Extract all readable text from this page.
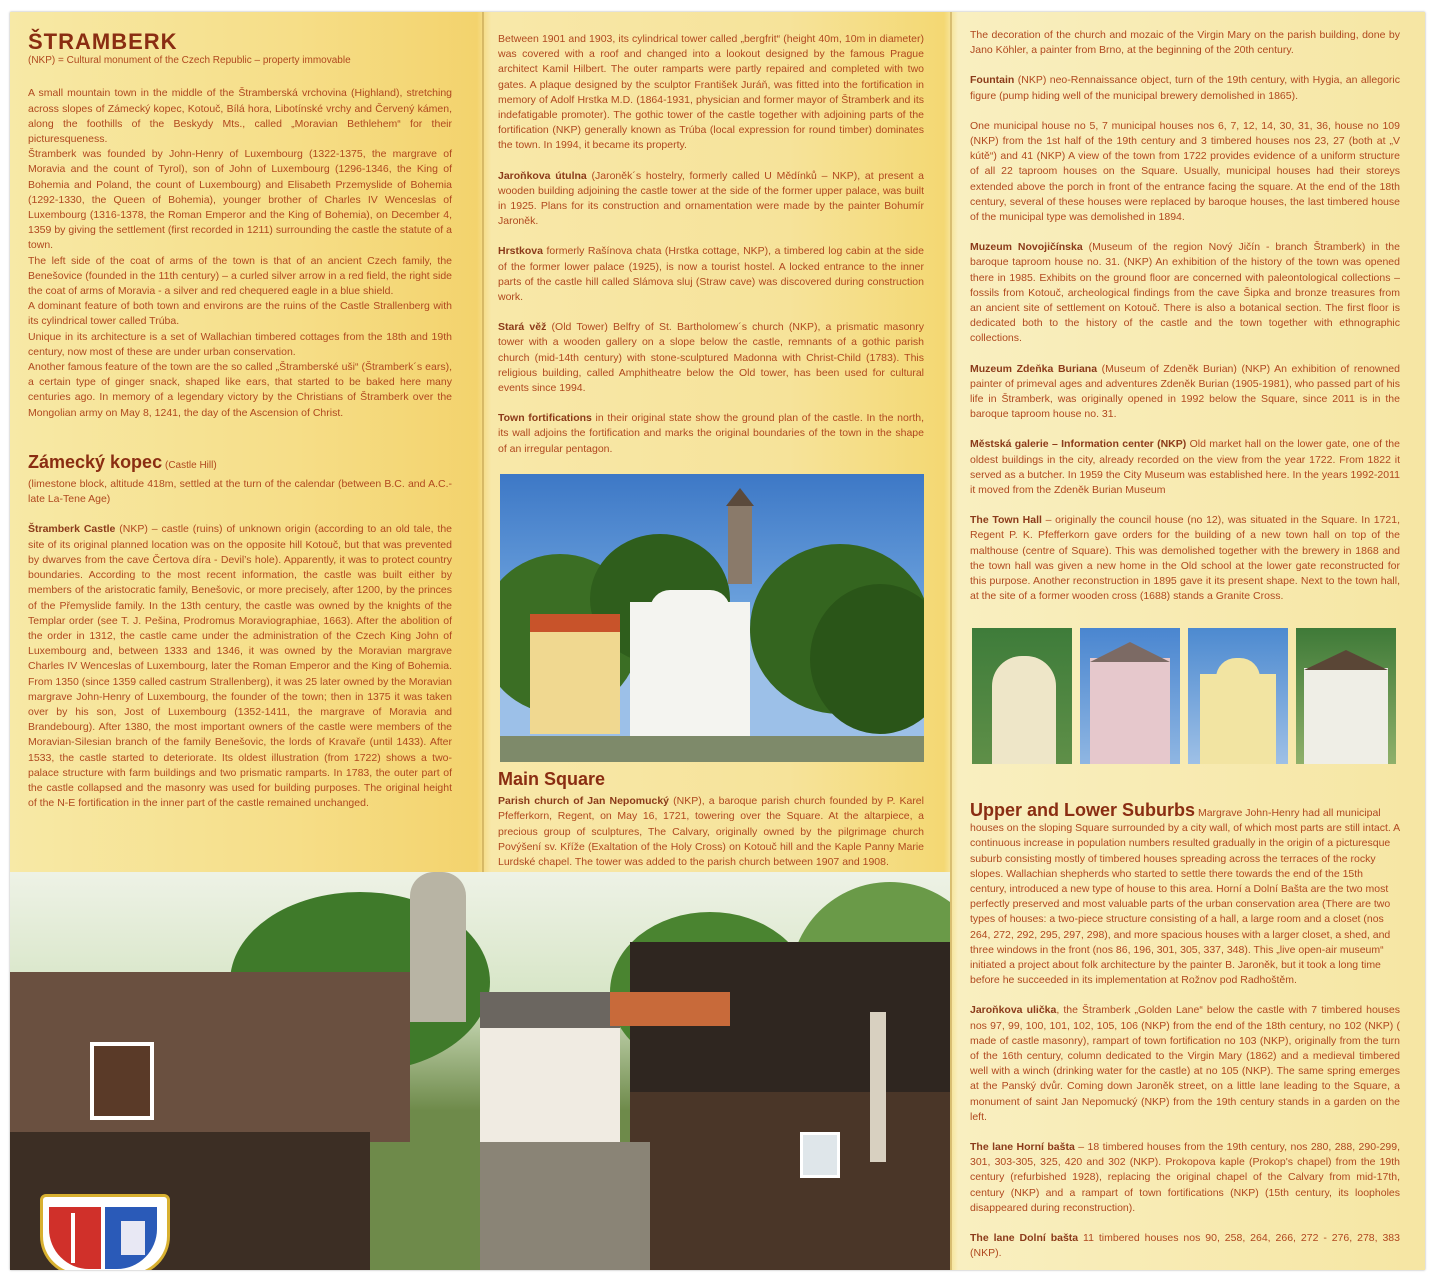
ŠTRAMBERK
(NKP) = Cultural monument of the Czech Republic – property immovable
A small mountain town in the middle of the Štramberská vrchovina (Highland), stretching across slopes of Zámecký kopec, Kotouč, Bílá hora, Libotínské vrchy and Červený kámen, along the foothills of the Beskydy Mts., called „Moravian Bethlehem“ for their picturesqueness.
Štramberk was founded by John-Henry of Luxembourg (1322-1375, the margrave of Moravia and the count of Tyrol), son of John of Luxembourg (1296-1346, the King of Bohemia and Poland, the count of Luxembourg) and Elisabeth Przemyslide of Bohemia (1292-1330, the Queen of Bohemia), younger brother of Charles IV Wenceslas of Luxembourg (1316-1378, the Roman Emperor and the King of Bohemia), on December 4, 1359 by giving the settlement (first recorded in 1211) surrounding the castle the statute of a town.
The left side of the coat of arms of the town is that of an ancient Czech family, the Benešovice (founded in the 11th century) – a curled silver arrow in a red field, the right side the coat of arms of Moravia - a silver and red chequered eagle in a blue shield.
A dominant feature of both town and environs are the ruins of the Castle Strallenberg with its cylindrical tower called Trúba.
Unique in its architecture is a set of Wallachian timbered cottages from the 18th and 19th century, now most of these are under urban conservation.
Another famous feature of the town are the so called „Štramberské uši“ (Štramberk´s ears), a certain type of ginger snack, shaped like ears, that started to be baked here many centuries ago. In memory of a legendary victory by the Christians of Štramberk over the Mongolian army on May 8, 1241, the day of the Ascension of Christ.
Zámecký kopec (Castle Hill)

(limestone block, altitude 418m, settled at the turn of the calendar (between B.C. and A.C.- late La-Tene Age)

Štramberk Castle (NKP) – castle (ruins) of unknown origin (according to an old tale, the site of its original planned location was on the opposite hill Kotouč, but that was prevented by dwarves from the cave Čertova díra - Devil’s hole). Apparently, it was to protect country boundaries. According to the most recent information, the castle was built either by members of the aristocratic family, Benešovic, or more precisely, after 1200, by the princes of the Přemyslide family. In the 13th century, the castle was owned by the knights of the Templar order (see T. J. Pešina, Prodromus Moraviographiae, 1663). After the abolition of the order in 1312, the castle came under the administration of the Czech King John of Luxembourg and, between 1333 and 1346, it was owned by the Moravian margrave Charles IV Wenceslas of Luxembourg, later the Roman Emperor and the King of Bohemia. From 1350 (since 1359 called castrum Strallenberg), it was 25 later owned by the Moravian margrave John-Henry of Luxembourg, the founder of the town; then in 1375 it was taken over by his son, Jost of Luxembourg (1352-1411, the margrave of Moravia and Brandebourg). After 1380, the most important owners of the castle were members of the Moravian-Silesian branch of the family Benešovic, the lords of Kravaře (until 1433). After 1533, the castle started to deteriorate. Its oldest illustration (from 1722) shows a two-palace structure with farm buildings and two prismatic ramparts. In 1783, the outer part of the castle collapsed and the masonry was used for building purposes. The original height of the N-E fortification in the inner part of the castle remained unchanged.

Between 1901 and 1903, its cylindrical tower called „bergfrit“ (height 40m, 10m in diameter) was covered with a roof and changed into a lookout designed by the famous Prague architect Kamil Hilbert. The outer ramparts were partly repaired and completed with two gates. A plaque designed by the sculptor František Juráň, was fitted into the fortification in memory of Adolf Hrstka M.D. (1864-1931, physician and former mayor of Štramberk and its indefatigable promoter). The gothic tower of the castle together with adjoining parts of the fortification (NKP) generally known as Trúba (local expression for round timber) dominates the town. In 1994, it became its property.

Jaroňkova útulna (Jaroněk´s hostelry, formerly called U Mědínků – NKP), at present a wooden building adjoining the castle tower at the side of the former upper palace, was built in 1925. Plans for its construction and ornamentation were made by the painter Bohumír Jaroněk.

Hrstkova formerly Rašínova chata (Hrstka cottage, NKP), a timbered log cabin at the side of the former lower palace (1925), is now a tourist hostel. A locked entrance to the inner parts of the castle hill called Slámova sluj (Straw cave) was discovered during construction work.

Stará věž (Old Tower) Belfry of St. Bartholomew´s church (NKP), a prismatic masonry tower with a wooden gallery on a slope below the castle, remnants of a gothic parish church (mid-14th century) with stone-sculptured Madonna with Christ-Child (1783). This religious building, called Amphitheatre below the Old tower, has been used for cultural events since 1994.

Town fortifications in their original state show the ground plan of the castle. In the north, its wall adjoins the fortification and marks the original boundaries of the town in the shape of an irregular pentagon.

Main Square

Parish church of Jan Nepomucký (NKP), a baroque parish church founded by P. Karel Pfefferkorn, Regent, on May 16, 1721, towering over the Square. At the altarpiece, a precious group of sculptures, The Calvary, originally owned by the pilgrimage church Povýšení sv. Kříže (Exaltation of the Holy Cross) on Kotouč hill and the Kaple Panny Marie Lurdské chapel. The tower was added to the parish church between 1907 and 1908.

The decoration of the church and mozaic of the Virgin Mary on the parish building, done by Jano Köhler, a painter from Brno, at the beginning of the 20th century.

Fountain (NKP) neo-Rennaissance object, turn of the 19th century, with Hygia, an allegoric figure (pump hiding well of the municipal brewery demolished in 1865).

One municipal house no 5, 7 municipal houses nos 6, 7, 12, 14, 30, 31, 36, house no 109 (NKP) from the 1st half of the 19th century and 3 timbered houses nos 23, 27 (both at „V kútě“) and 41 (NKP) A view of the town from 1722 provides evidence of a uniform structure of all 22 taproom houses on the Square. Usually, municipal houses had their storeys extended above the porch in front of the entrance facing the square. At the end of the 18th century, several of these houses were replaced by baroque houses, the last timbered house of the municipal type was demolished in 1894.

Muzeum Novojičínska (Museum of the region Nový Jičín - branch Štramberk) in the baroque taproom house no. 31. (NKP) An exhibition of the history of the town was opened there in 1985. Exhibits on the ground floor are concerned with paleontological collections – fossils from Kotouč, archeological findings from the cave Šipka and bronze treasures from an ancient site of settlement on Kotouč. There is also a botanical section. The first floor is dedicated both to the history of the castle and the town together with ethnographic collections.

Muzeum Zdeňka Buriana (Museum of Zdeněk Burian) (NKP) An exhibition of renowned painter of primeval ages and adventures Zdeněk Burian (1905-1981), who passed part of his life in Štramberk, was originally opened in 1992 below the Square, since 2011 is in the baroque taproom house no. 31.

Městská galerie – Information center (NKP) Old market hall on the lower gate, one of the oldest buildings in the city, already recorded on the view from the year 1722. From 1822 it served as a butcher. In 1959 the City Museum was established here. In the years 1992-2011 it moved from the Zdeněk Burian Museum

The Town Hall – originally the council house (no 12), was situated in the Square. In 1721, Regent P. K. Pfefferkorn gave orders for the building of a new town hall on top of the malthouse (centre of Square). This was demolished together with the brewery in 1868 and the town hall was given a new home in the Old school at the lower gate reconstructed for this purpose. Another reconstruction in 1895 gave it its present shape. Next to the town hall, at the site of a former wooden cross (1688) stands a Granite Cross.

Upper and Lower Suburbs Margrave John-Henry had all municipal houses on the sloping Square surrounded by a city wall, of which most parts are still intact. A continuous increase in population numbers resulted gradually in the origin of a picturesque suburb consisting mostly of timbered houses spreading across the terraces of the rocky slopes. Wallachian shepherds who started to settle there towards the end of the 15th century, introduced a new type of house to this area. Horní a Dolní Bašta are the two most perfectly preserved and most valuable parts of the urban conservation area (There are two types of houses: a two-piece structure consisting of a hall, a large room and a closet (nos 264, 272, 292, 295, 297, 298), and more spacious houses with a larger closet, a shed, and three windows in the front (nos 86, 196, 301, 305, 337, 348). This „live open-air museum“ initiated a project about folk architecture by the painter B. Jaroněk, but it took a long time before he succeeded in its implementation at Rožnov pod Radhoštěm.

Jaroňkova ulička, the Štramberk „Golden Lane“ below the castle with 7 timbered houses nos 97, 99, 100, 101, 102, 105, 106 (NKP) from the end of the 18th century, no 102 (NKP) ( made of castle masonry), rampart of town fortification no 103 (NKP), originally from the turn of the 16th century, column dedicated to the Virgin Mary (1862) and a medieval timbered well with a winch (drinking water for the castle) at no 105 (NKP). The same spring emerges at the Panský dvůr. Coming down Jaroněk street, on a little lane leading to the Square, a monument of saint Jan Nepomucký (NKP) from the 19th century stands in a garden on the left.

The lane Horní bašta – 18 timbered houses from the 19th century, nos 280, 288, 290-299, 301, 303-305, 325, 420 and 302 (NKP). Prokopova kaple (Prokop's chapel) from the 19th century (refurbished 1928), replacing the original chapel of the Calvary from mid-17th, century (NKP) and a rampart of town fortifications (NKP) (15th century, its loopholes disappeared during reconstruction).

The lane Dolní bašta 11 timbered houses nos 90, 258, 264, 266, 272 - 276, 278, 383 (NKP).
